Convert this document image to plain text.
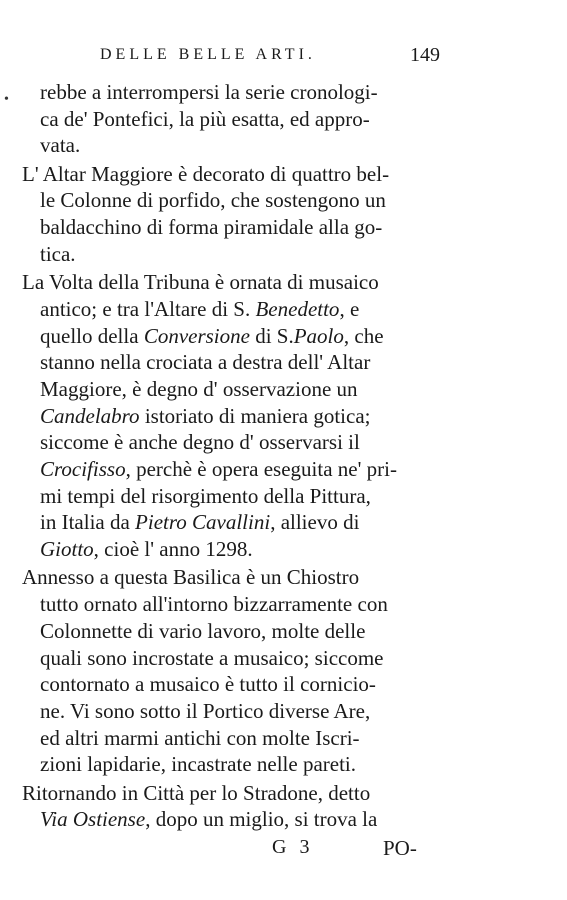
DELLE BELLE ARTI.	149
rebbe a interrompersi la serie cronologi-
ca de' Pontefici, la più esatta, ed appro-
vata.
L' Altar Maggiore è decorato di quattro bel-
le Colonne di porfido, che sostengono un
baldacchino di forma piramidale alla go-
tica.
La Volta della Tribuna è ornata di musaico
antico; e tra l'Altare di S. Benedetto, e
quello della Conversione di S.Paolo, che
stanno nella crociata a destra dell' Altar
Maggiore, è degno d' osservazione un
Candelabro istoriato di maniera gotica;
siccome è anche degno d' osservarsi il
Crocifisso, perchè è opera eseguita ne' pri-
mi tempi del risorgimento della Pittura,
in Italia da Pietro Cavallini, allievo di
Giotto, cioè l' anno 1298.
Annesso a questa Basilica è un Chiostro
tutto ornato all'intorno bizzarramente con
Colonnette di vario lavoro, molte delle
quali sono incrostate a musaico; siccome
contornato a musaico è tutto il cornicio-
ne. Vi sono sotto il Portico diverse Are,
ed altri marmi antichi con molte Iscri-
zioni lapidarie, incastrate nelle pareti.
Ritornando in Città per lo Stradone, detto
Via Ostiense, dopo un miglio, si trova la
G 3	PO-
•
